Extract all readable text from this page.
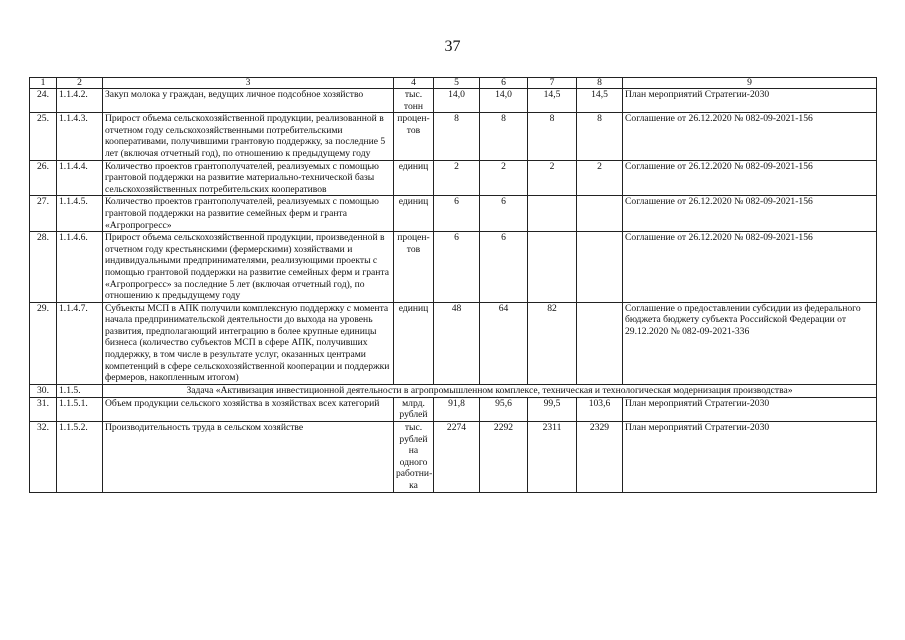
37
1	2	3	4	5	6	7	8	9
24.	1.1.4.2.	Закуп молока у граждан, ведущих личное подсобное хозяйство	тыс. тонн	14,0	14,0	14,5	14,5	План мероприятий Стратегии-2030
25.	1.1.4.3.	Прирост объема сельскохозяйственной продукции, реализованной в отчетном году сельскохозяйственными потребительскими кооперативами, получившими грантовую поддержку, за последние 5 лет (включая отчетный год), по отношению к предыдущему году	процен-тов	8	8	8	8	Соглашение от 26.12.2020 № 082-09-2021-156
26.	1.1.4.4.	Количество проектов грантополучателей, реализуемых с помощью грантовой поддержки на развитие материально-технической базы сельскохозяйственных потребительских кооперативов	единиц	2	2	2	2	Соглашение от 26.12.2020 № 082-09-2021-156
27.	1.1.4.5.	Количество проектов грантополучателей, реализуемых с помощью грантовой поддержки на развитие семейных ферм и гранта «Агропрогресс»	единиц	6	6			Соглашение от 26.12.2020 № 082-09-2021-156
28.	1.1.4.6.	Прирост объема сельскохозяйственной продукции, произведенной в отчетном году крестьянскими (фермерскими) хозяйствами и индивидуальными предпринимателями, реализующими проекты с помощью грантовой поддержки на развитие семейных ферм и гранта «Агропрогресс» за последние 5 лет (включая отчетный год), по отношению к предыдущему году	процен-тов	6	6			Соглашение от 26.12.2020 № 082-09-2021-156
29.	1.1.4.7.	Субъекты МСП в АПК получили комплексную поддержку с момента начала предпринимательской деятельности до выхода на уровень развития, предполагающий интеграцию в более крупные единицы бизнеса (количество субъектов МСП в сфере АПК, получивших поддержку, в том числе в результате услуг, оказанных центрами компетенций в сфере сельскохозяйственной кооперации и поддержки фермеров, накопленным итогом)	единиц	48	64	82		Соглашение о предоставлении субсидии из федерального бюджета бюджету субъекта Российской Федерации от 29.12.2020 № 082-09-2021-336
30.	1.1.5.	Задача «Активизация инвестиционной деятельности в агропромышленном комплексе, техническая и технологическая модернизация производства»						
31.	1.1.5.1.	Объем продукции сельского хозяйства в хозяйствах всех категорий	млрд. рублей	91,8	95,6	99,5	103,6	План мероприятий Стратегии-2030
32.	1.1.5.2.	Производительность труда в сельском хозяйстве	тыс. рублей на одного работни-ка	2274	2292	2311	2329	План мероприятий Стратегии-2030
